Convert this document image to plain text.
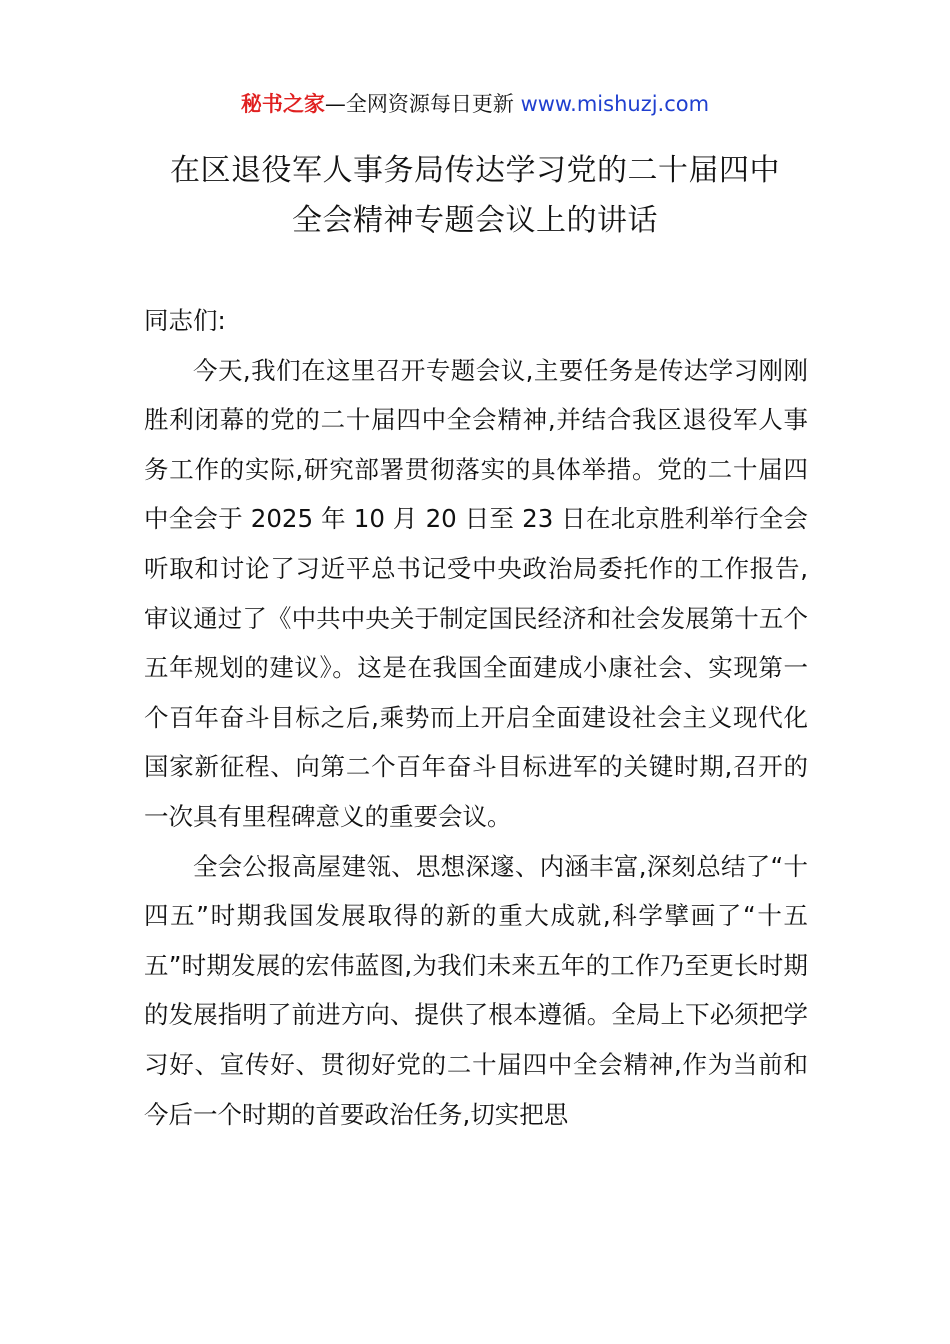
秘书之家—全网资源每日更新 www.mishuzj.com
在区退役军人事务局传达学习党的二十届四中
全会精神专题会议上的讲话

同志们:

今天,我们在这里召开专题会议,主要任务是传达学习刚刚胜利闭幕的党的二十届四中全会精神,并结合我区退役军人事务工作的实际,研究部署贯彻落实的具体举措。党的二十届四中全会于 2025 年 10 月 20 日至 23 日在北京胜利举行全会听取和讨论了习近平总书记受中央政治局委托作的工作报告,审议通过了《中共中央关于制定国民经济和社会发展第十五个五年规划的建议》。这是在我国全面建成小康社会、实现第一个百年奋斗目标之后,乘势而上开启全面建设社会主义现代化国家新征程、向第二个百年奋斗目标进军的关键时期,召开的一次具有里程碑意义的重要会议。

全会公报高屋建瓴、思想深邃、内涵丰富,深刻总结了“十四五”时期我国发展取得的新的重大成就,科学擘画了“十五五”时期发展的宏伟蓝图,为我们未来五年的工作乃至更长时期的发展指明了前进方向、提供了根本遵循。全局上下必须把学习好、宣传好、贯彻好党的二十届四中全会精神,作为当前和今后一个时期的首要政治任务,切实把思
